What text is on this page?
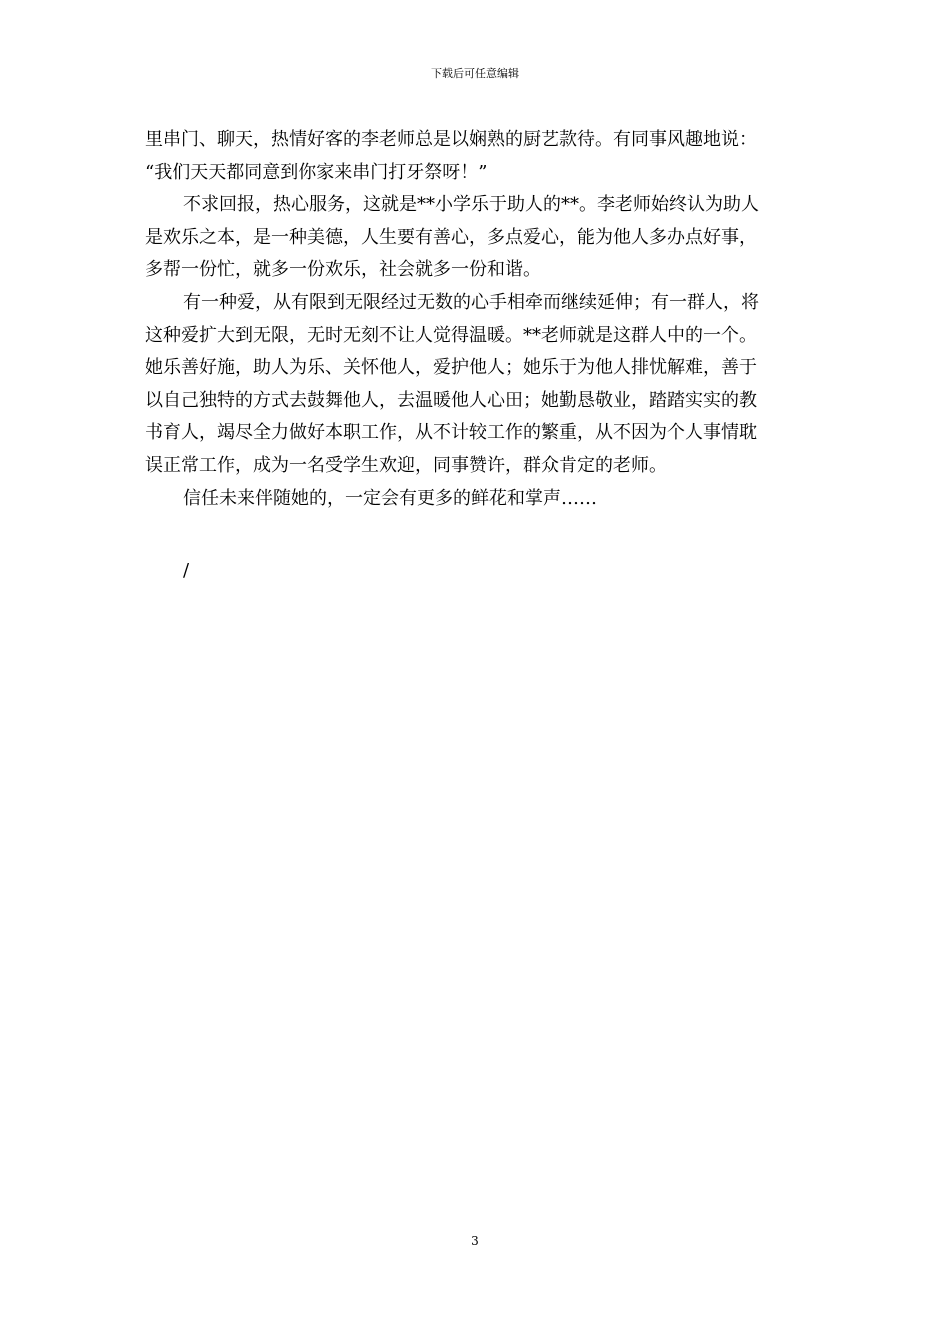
下载后可任意编辑
里串门、聊天，热情好客的李老师总是以娴熟的厨艺款待。有同事风趣地说：
“我们天天都同意到你家来串门打牙祭呀！”
不求回报，热心服务，这就是**小学乐于助人的**。李老师始终认为助人
是欢乐之本，是一种美德，人生要有善心，多点爱心，能为他人多办点好事，
多帮一份忙，就多一份欢乐，社会就多一份和谐。
有一种爱，从有限到无限经过无数的心手相牵而继续延伸；有一群人，将
这种爱扩大到无限，无时无刻不让人觉得温暖。**老师就是这群人中的一个。
她乐善好施，助人为乐、关怀他人，爱护他人；她乐于为他人排忧解难，善于
以自己独特的方式去鼓舞他人，去温暖他人心田；她勤恳敬业，踏踏实实的教
书育人，竭尽全力做好本职工作，从不计较工作的繁重，从不因为个人事情耽
误正常工作，成为一名受学生欢迎，同事赞许，群众肯定的老师。
信任未来伴随她的，一定会有更多的鲜花和掌声……
/
3
